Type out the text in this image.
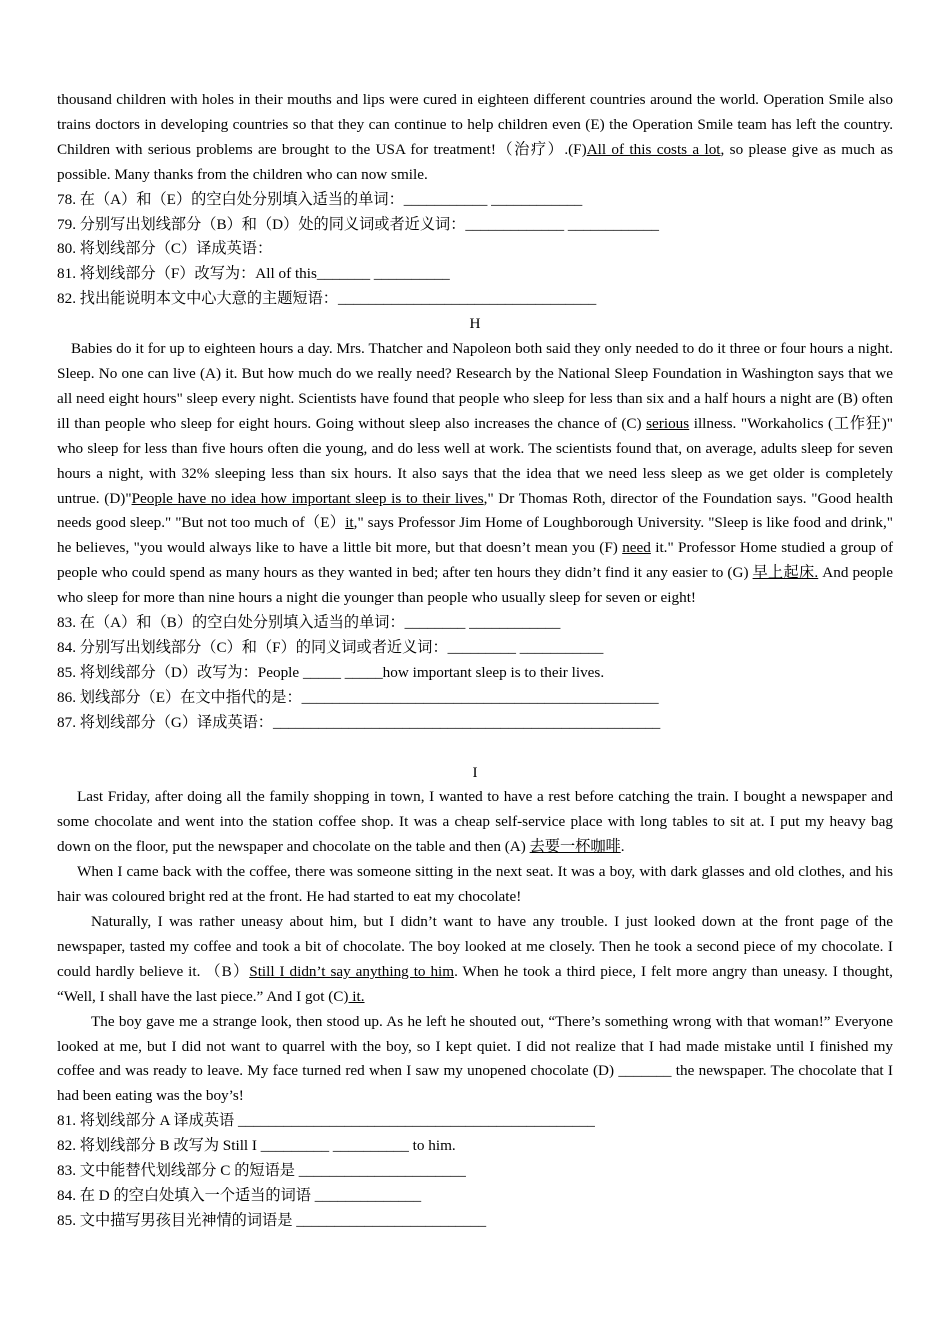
thousand children with holes in their mouths and lips were cured in eighteen different countries around the world. Operation Smile also trains doctors in developing countries so that they can continue to help children even (E) the Operation Smile team has left the country. Children with serious problems are brought to the USA for treatment!（治疗）.(F)All of this costs a lot, so please give as much as possible. Many thanks from the children who can now smile.

78. 在（A）和（E）的空白处分别填入适当的单词：___________ ____________

79. 分别写出划线部分（B）和（D）处的同义词或者近义词：_____________ ____________

80. 将划线部分（C）译成英语：

81. 将划线部分（F）改写为：All of this_______ __________

82. 找出能说明本文中心大意的主题短语：__________________________________

H

Babies do it for up to eighteen hours a day. Mrs. Thatcher and Napoleon both said they only needed to do it three or four hours a night. Sleep. No one can live (A) it. But how much do we really need? Research by the National Sleep Foundation in Washington says that we all need eight hours" sleep every night. Scientists have found that people who sleep for less than six and a half hours a night are (B) often ill than people who sleep for eight hours. Going without sleep also increases the chance of (C) serious illness. "Workaholics (工作狂)" who sleep for less than five hours often die young, and do less well at work. The scientists found that, on average, adults sleep for seven hours a night, with 32% sleeping less than six hours. It also says that the idea that we need less sleep as we get older is completely untrue. (D)"People have no idea how important sleep is to their lives," Dr Thomas Roth, director of the Foundation says. "Good health needs good sleep." "But not too much of（E）it," says Professor Jim Home of Loughborough University. "Sleep is like food and drink," he believes, "you would always like to have a little bit more, but that doesn’t mean you (F) need it." Professor Home studied a group of people who could spend as many hours as they wanted in bed; after ten hours they didn’t find it any easier to (G) 早上起床. And people who sleep for more than nine hours a night die younger than people who usually sleep for seven or eight!

83. 在（A）和（B）的空白处分别填入适当的单词：________ ____________

84. 分别写出划线部分（C）和（F）的同义词或者近义词：_________ ___________

85. 将划线部分（D）改写为：People _____ _____how important sleep is to their lives.

86. 划线部分（E）在文中指代的是：_______________________________________________

87. 将划线部分（G）译成英语：___________________________________________________

I

Last Friday, after doing all the family shopping in town, I wanted to have a rest before catching the train. I bought a newspaper and some chocolate and went into the station coffee shop. It was a cheap self-service place with long tables to sit at. I put my heavy bag down on the floor, put the newspaper and chocolate on the table and then (A) 去要一杯咖啡.

When I came back with the coffee, there was someone sitting in the next seat. It was a boy, with dark glasses and old clothes, and his hair was coloured bright red at the front. He had started to eat my chocolate!

Naturally, I was rather uneasy about him, but I didn’t want to have any trouble. I just looked down at the front page of the newspaper, tasted my coffee and took a bit of chocolate. The boy looked at me closely. Then he took a second piece of my chocolate. I could hardly believe it. （B）Still I didn’t say anything to him. When he took a third piece, I felt more angry than uneasy. I thought, “Well, I shall have the last piece.” And I got (C) it.

The boy gave me a strange look, then stood up. As he left he shouted out, “There’s something wrong with that woman!” Everyone looked at me, but I did not want to quarrel with the boy, so I kept quiet. I did not realize that I had made mistake until I finished my coffee and was ready to leave. My face turned red when I saw my unopened chocolate (D) _______ the newspaper. The chocolate that I had been eating was the boy’s!

81. 将划线部分 A 译成英语 _______________________________________________

82. 将划线部分 B 改写为 Still I _________ __________ to him.

83. 文中能替代划线部分 C 的短语是 ______________________

84. 在 D 的空白处填入一个适当的词语 ______________

85. 文中描写男孩目光神情的词语是 _________________________
